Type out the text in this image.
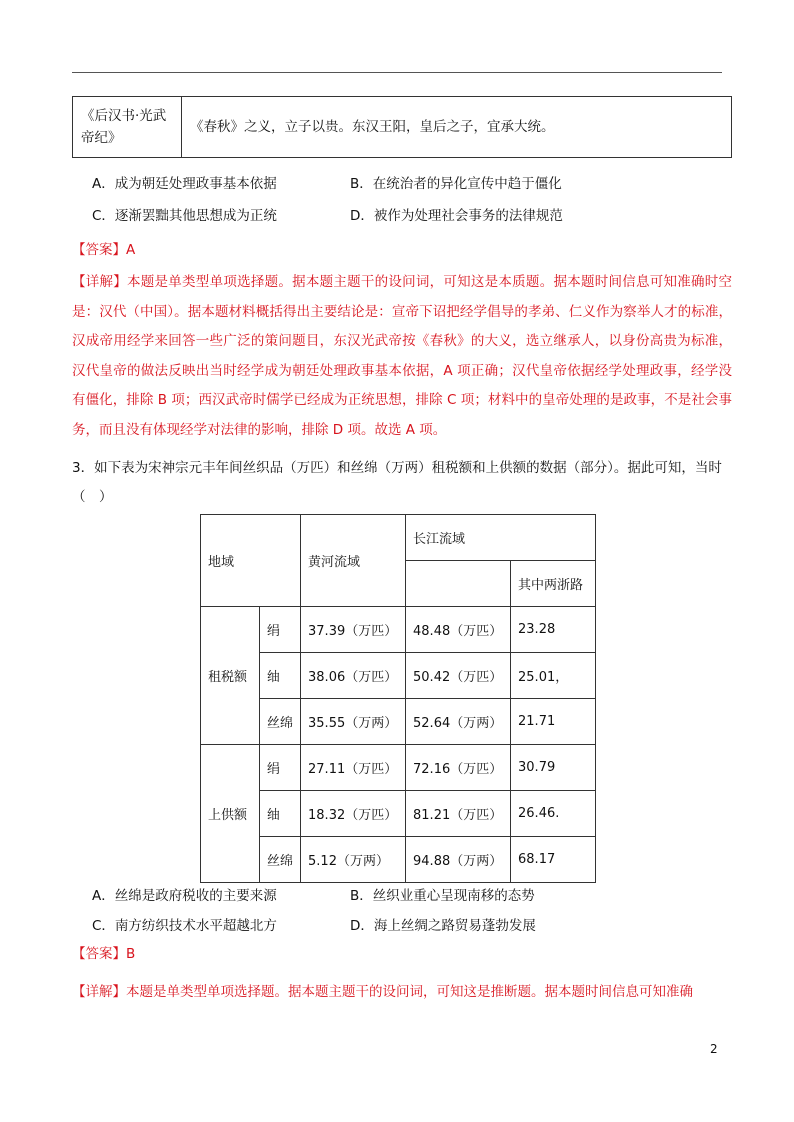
《后汉书·光武帝纪》	《春秋》之义，立子以贵。东汉王阳，皇后之子，宜承大统。
A．成为朝廷处理政事基本依据	B．在统治者的异化宣传中趋于僵化
C．逐渐罢黜其他思想成为正统	D．被作为处理社会事务的法律规范
【答案】A
【详解】本题是单类型单项选择题。据本题主题干的设问词，可知这是本质题。据本题时间信息可知准确时空是：汉代（中国）。据本题材料概括得出主要结论是：宣帝下诏把经学倡导的孝弟、仁义作为察举人才的标准，汉成帝用经学来回答一些广泛的策问题目，东汉光武帝按《春秋》的大义，选立继承人，以身份高贵为标准，汉代皇帝的做法反映出当时经学成为朝廷处理政事基本依据，A 项正确；汉代皇帝依据经学处理政事，经学没有僵化，排除 B 项；西汉武帝时儒学已经成为正统思想，排除 C 项；材料中的皇帝处理的是政事，不是社会事务，而且没有体现经学对法律的影响，排除 D 项。故选 A 项。
3．如下表为宋神宗元丰年间丝织品（万匹）和丝绵（万两）租税额和上供额的数据（部分）。据此可知，当时（　）
地域		黄河流域	长江流域	
				其中两浙路
租税额	绢	37.39（万匹）	48.48（万匹）	23.28
	䌷	38.06（万匹）	50.42（万匹）	25.01，
	丝绵	35.55（万两）	52.64（万两）	21.71
上供额	绢	27.11（万匹）	72.16（万匹）	30.79
	䌷	18.32（万匹）	81.21（万匹）	26.46.
	丝绵	5.12（万两）	94.88（万两）	68.17
A．丝绵是政府税收的主要来源	B．丝织业重心呈现南移的态势
C．南方纺织技术水平超越北方	D．海上丝绸之路贸易蓬勃发展
【答案】B
【详解】本题是单类型单项选择题。据本题主题干的设问词，可知这是推断题。据本题时间信息可知准确
2
